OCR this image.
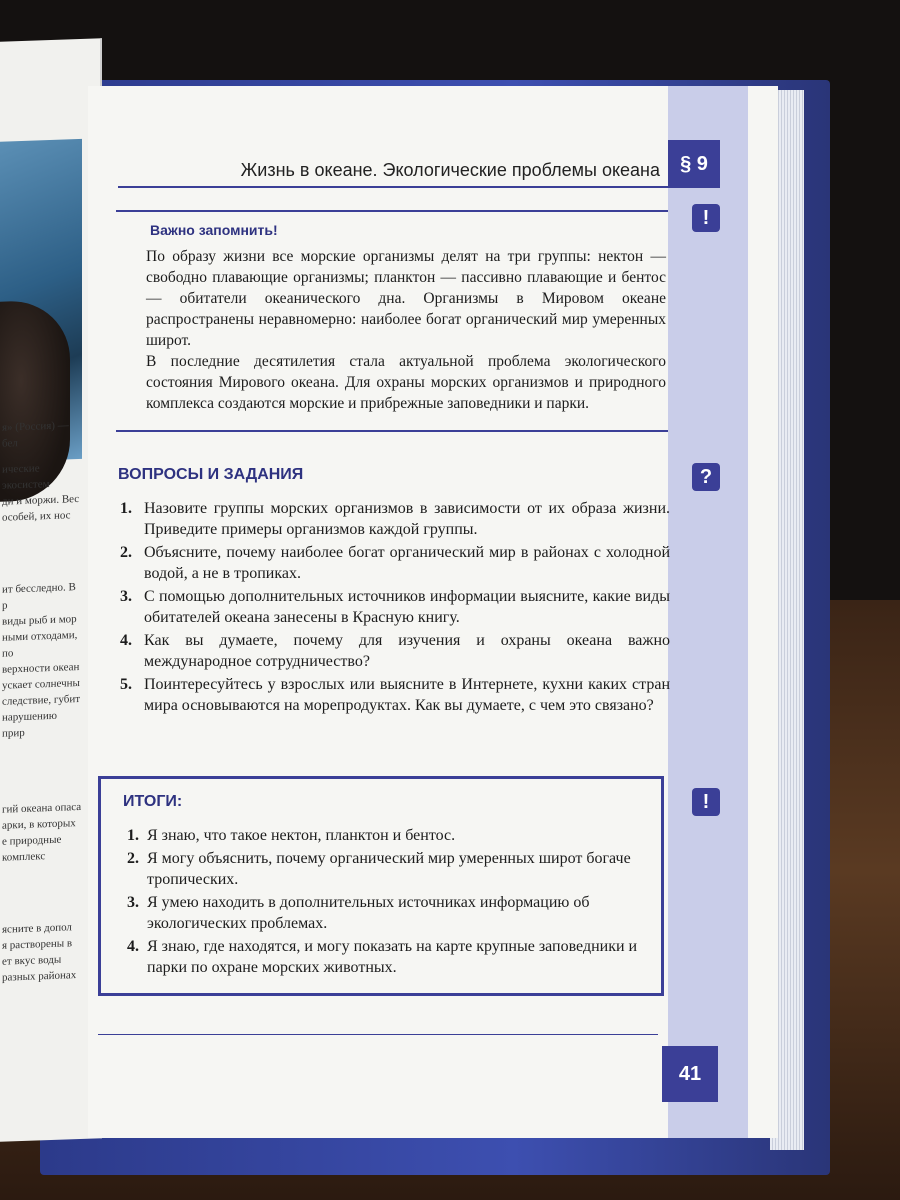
я» (Россия) — бел
ические экосистем
ди и моржи. Вес
особей, их нос
ит бесследно. В р
виды рыб и мор
ными отходами, по
верхности океан
ускает солнечны
следствие, губит
нарушению прир
гий океана опаса
арки, в которых
е природные комплекс
ясните в допол
я растворены в
ет вкус воды
разных районах
§ 9
Жизнь в океане. Экологические проблемы океана
!
?
!
Важно запомнить!

По образу жизни все морские организмы делят на три группы: нектон — свободно плавающие организмы; планктон — пассивно плавающие и бентос — обитатели океанического дна. Организмы в Мировом океане распространены неравномерно: наиболее богат органический мир умеренных широт.

В последние десятилетия стала актуальной проблема экологического состояния Мирового океана. Для охраны морских организмов и природного комплекса создаются морские и прибрежные заповедники и парки.

ВОПРОСЫ И ЗАДАНИЯ
1. Назовите группы морских организмов в зависимости от их образа жизни. Приведите примеры организмов каждой группы.
2. Объясните, почему наиболее богат органический мир в районах с холодной водой, а не в тропиках.
3. С помощью дополнительных источников информации выясните, какие виды обитателей океана занесены в Красную книгу.
4. Как вы думаете, почему для изучения и охраны океана важно международное сотрудничество?
5. Поинтересуйтесь у взрослых или выясните в Интернете, кухни каких стран мира основываются на морепродуктах. Как вы думаете, с чем это связано?
ИТОГИ:
1. Я знаю, что такое нектон, планктон и бентос.
2. Я могу объяснить, почему органический мир умеренных широт богаче тропических.
3. Я умею находить в дополнительных источниках информацию об экологических проблемах.
4. Я знаю, где находятся, и могу показать на карте крупные заповедники и парки по охране морских животных.
41
